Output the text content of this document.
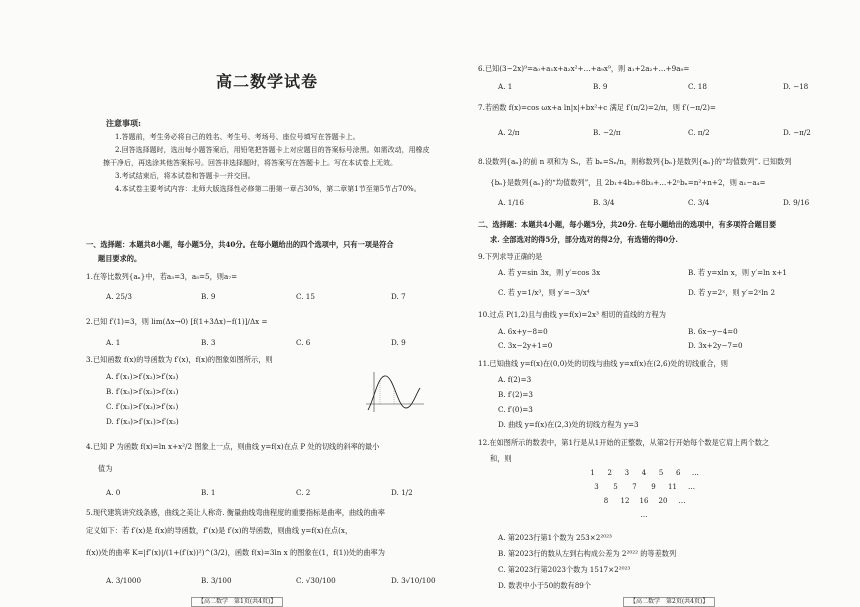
高二数学试卷
注意事项:

1.答题前，考生务必将自己的姓名、考生号、考场号、座位号填写在答题卡上。

2.回答选择题时，选出每小题答案后，用铅笔把答题卡上对应题目的答案标号涂黑。如需改动，用橡皮擦干净后，再选涂其他答案标号。回答非选择题时，将答案写在答题卡上。写在本试卷上无效。

3.考试结束后，将本试卷和答题卡一并交回。

4.本试卷主要考试内容：北师大版选择性必修第二册第一章占30%，第二章第1节至第5节占70%。

一、选择题：本题共8小题，每小题5分，共40分。在每小题给出的四个选项中，只有一项是符合
题目要求的。
1.在等比数列{aₙ}中，若a₃=3，a₅=5，则a₇=
A. 25/3	B. 9	C. 15	D. 7
2.已知 f′(1)=3，则 lim(Δx→0) [f(1+3Δx)−f(1)]/Δx =
A. 1	B. 3	C. 6	D. 9
3.已知函数 f(x)的导函数为 f′(x)，f(x)的图象如图所示，则
A. f′(x₁)>f′(x₂)>f′(x₃)
B. f′(x₃)>f′(x₂)>f′(x₁)
C. f′(x₂)>f′(x₃)>f′(x₁)
D. f′(x₃)>f′(x₁)>f′(x₂)
4.已知 P 为函数 f(x)=ln x+x²/2 图象上一点，则曲线 y=f(x)在点 P 处的切线的斜率的最小
值为
A. 0	B. 1	C. 2	D. 1/2
5.现代建筑讲究线条感，曲线之美让人称奇. 衡量曲线弯曲程度的重要指标是曲率，曲线的曲率
定义如下：若 f′(x)是 f(x)的导函数，f″(x)是 f′(x)的导函数，则曲线 y=f(x)在点(x，
f(x))处的曲率 K=|f″(x)|/(1+(f′(x))²)^(3/2)，函数 f(x)=3ln x 的图象在(1，f(1))处的曲率为
A. 3/1000	B. 3/100	C. √30/100	D. 3√10/100
【高二数学　第1页(共4页)】
6.已知(3−2x)⁹=a₀+a₁x+a₂x²+…+a₉x⁹，则 a₁+2a₂+…+9a₉=
A. 1	B. 9	C. 18	D. −18
7.若函数 f(x)=cos ωx+a ln|x|+bx²+c 满足 f′(π/2)=2/π，则 f′(−π/2)=
A. 2/π	B. −2/π	C. π/2	D. −π/2
8.设数列{aₙ}的前 n 项和为 Sₙ，若 bₙ=Sₙ/n，则称数列{bₙ}是数列{aₙ}的“均值数列”. 已知数列
{bₙ}是数列{aₙ}的“均值数列”，且 2b₁+4b₂+8b₃+…+2ⁿbₙ=n²+n+2，则 a₁−a₄=
A. 1/16	B. 3/4	C. 3/4	D. 9/16
二、选择题：本题共4小题，每小题5分，共20分. 在每小题给出的选项中，有多项符合题目要
求. 全部选对的得5分，部分选对的得2分，有选错的得0分.
9.下列求导正确的是
A. 若 y=sin 3x，则 y′=cos 3x	B. 若 y=xln x，则 y′=ln x+1
C. 若 y=1/x³，则 y′=−3/x⁴	D. 若 y=2ˣ，则 y′=2ˣln 2
10.过点 P(1,2)且与曲线 y=f(x)=2x³ 相切的直线的方程为
A. 6x+y−8=0	B. 6x−y−4=0
C. 3x−2y+1=0	D. 3x+2y−7=0
11.已知曲线 y=f(x)在(0,0)处的切线与曲线 y=xf(x)在(2,6)处的切线重合，则
A. f(2)=3
B. f′(2)=3
C. f′(0)=3
D. 曲线 y=f(x)在(2,3)处的切线方程为 y=3
12.在如图所示的数表中，第1行是从1开始的正整数，从第2行开始每个数是它肩上两个数之
和，则
1	2	3	4	5	6	…
3	5	7	9	11	…
8	12	16	20	…
…
A. 第2023行第1个数为 253×2²⁰²³
B. 第2023行的数从左到右构成公差为 2²⁰²² 的等差数列
C. 第2023行第2023个数为 1517×2²⁰²³
D. 数表中小于50的数有89个
【高二数学　第2页(共4页)】
